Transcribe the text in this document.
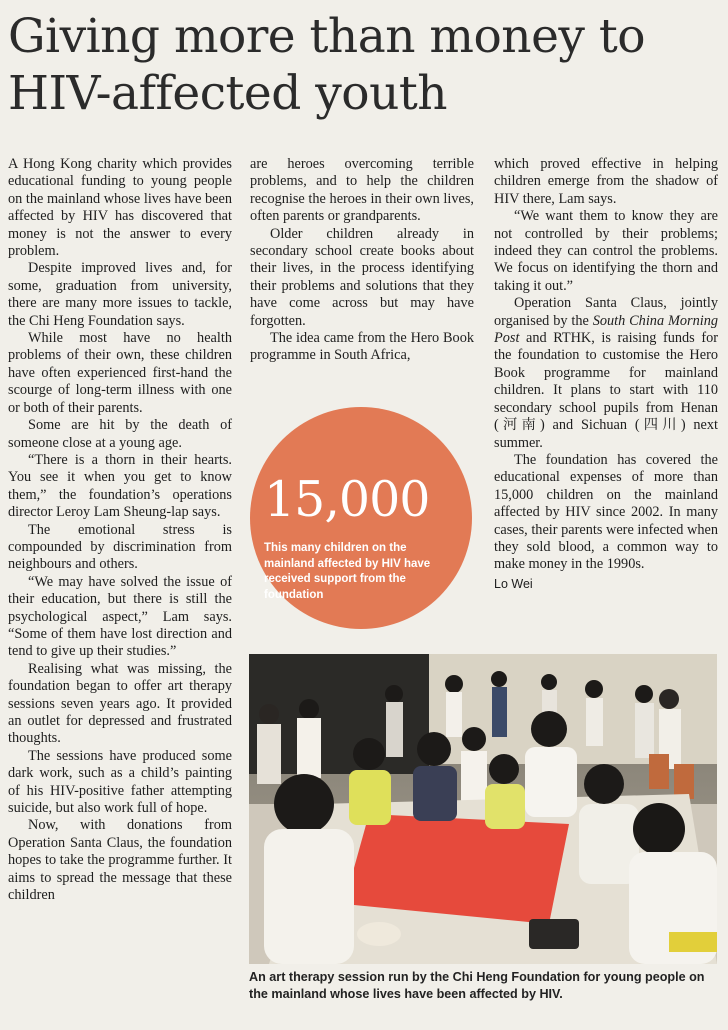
Giving more than money to HIV-affected youth

A Hong Kong charity which provides educational funding to young people on the mainland whose lives have been affected by HIV has discovered that money is not the answer to every problem.

Despite improved lives and, for some, graduation from university, there are many more issues to tackle, the Chi Heng Foundation says.

While most have no health problems of their own, these children have often experienced first-hand the scourge of long-term illness with one or both of their parents.

Some are hit by the death of someone close at a young age.

“There is a thorn in their hearts. You see it when you get to know them,” the foundation’s operations director Leroy Lam Sheung-lap says.

The emotional stress is compounded by discrimination from neighbours and others.

“We may have solved the issue of their education, but there is still the psychological aspect,” Lam says. “Some of them have lost direction and tend to give up their studies.”

Realising what was missing, the foundation began to offer art therapy sessions seven years ago. It provided an outlet for depressed and frustrated thoughts.

The sessions have produced some dark work, such as a child’s painting of his HIV-positive father attempting suicide, but also work full of hope.

Now, with donations from Operation Santa Claus, the foundation hopes to take the programme further. It aims to spread the message that these children

are heroes overcoming terrible problems, and to help the children recognise the heroes in their own lives, often parents or grandparents.

Older children already in secondary school create books about their lives, in the process identifying their problems and solutions that they have come across but may have forgotten.

The idea came from the Hero Book programme in South Africa,

15,000
This many children on the mainland affected by HIV have received support from the foundation

which proved effective in helping children emerge from the shadow of HIV there, Lam says.

“We want them to know they are not controlled by their problems; indeed they can control the problems. We focus on identifying the thorn and taking it out.”

Operation Santa Claus, jointly organised by the South China Morning Post and RTHK, is raising funds for the foundation to customise the Hero Book programme for mainland children. It plans to start with 110 secondary school pupils from Henan (河南) and Sichuan (四川) next summer.

The foundation has covered the educational expenses of more than 15,000 children on the mainland affected by HIV since 2002. In many cases, their parents were infected when they sold blood, a common way to make money in the 1990s.

Lo Wei

An art therapy session run by the Chi Heng Foundation for young people on the mainland whose lives have been affected by HIV.
